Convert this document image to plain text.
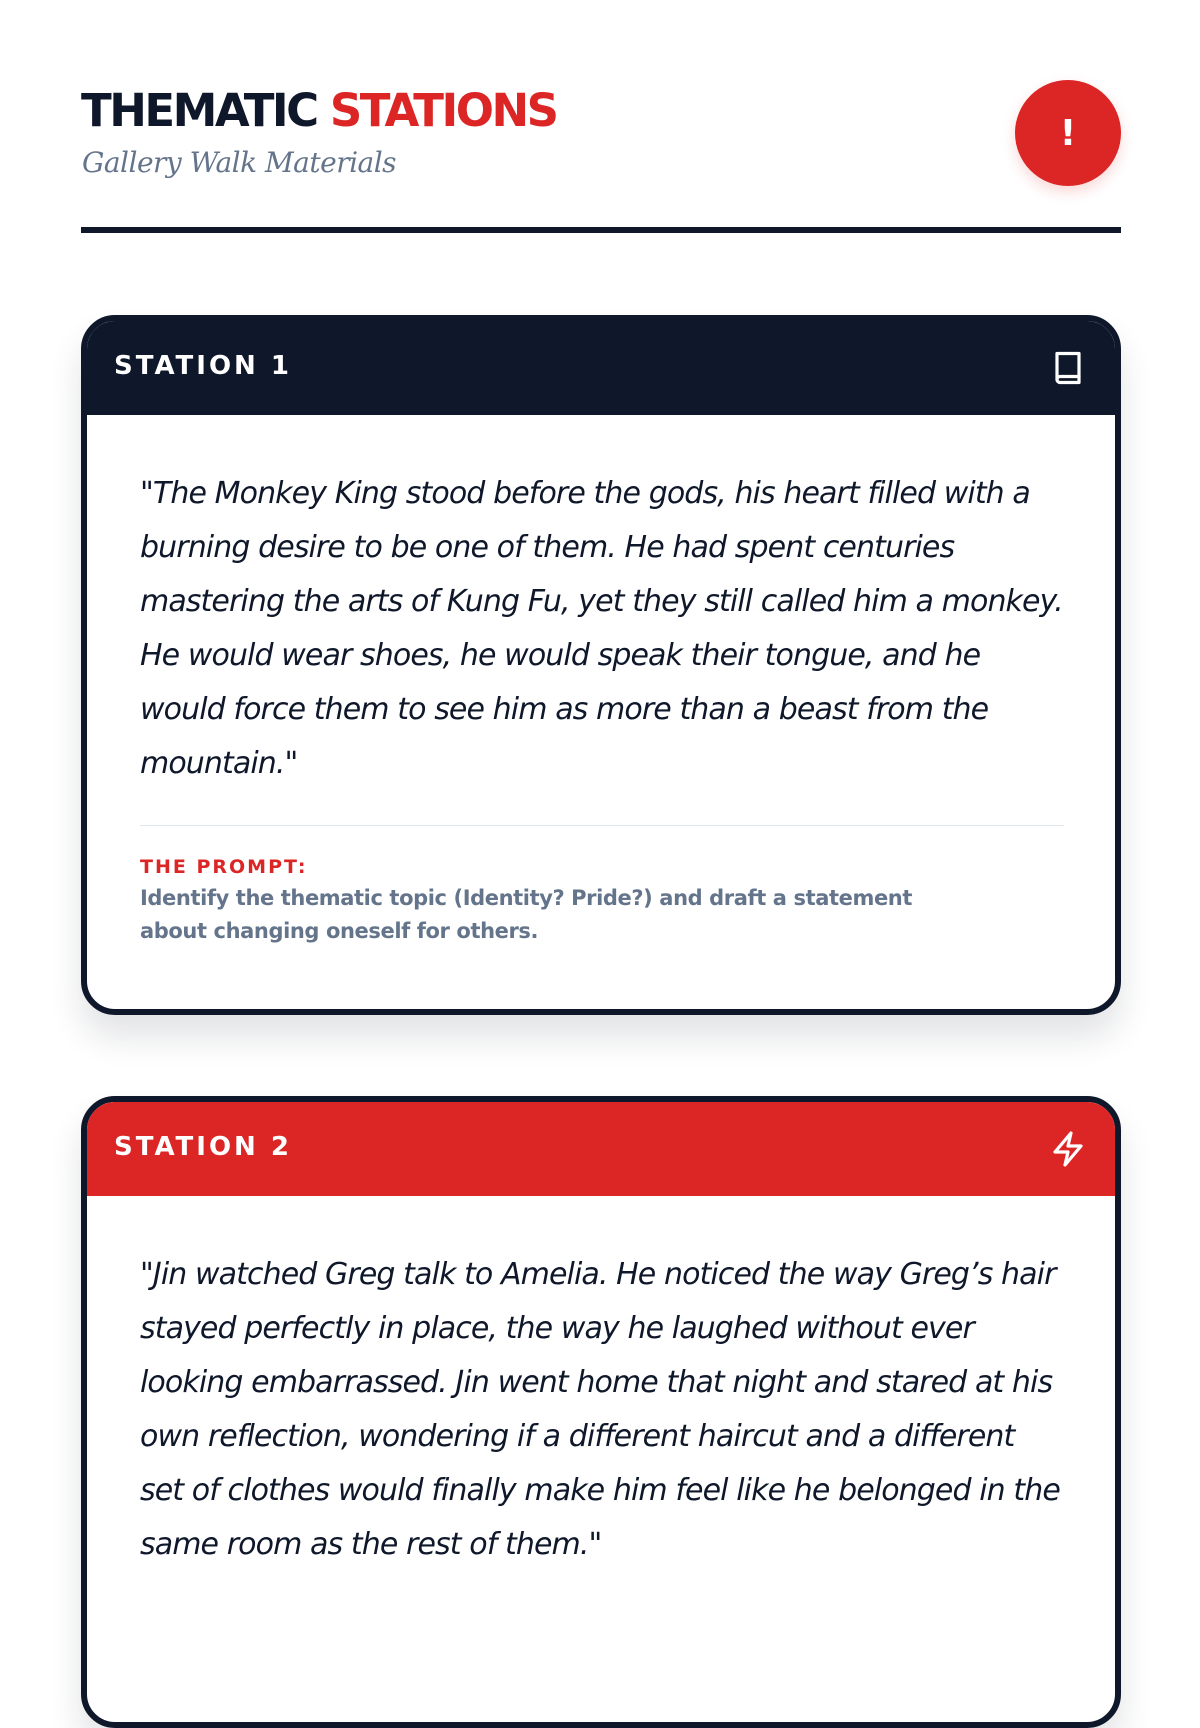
THEMATIC STATIONS
Gallery Walk Materials
!
STATION 1

"The Monkey King stood before the gods, his heart filled with a burning desire to be one of them. He had spent centuries mastering the arts of Kung Fu, yet they still called him a monkey. He would wear shoes, he would speak their tongue, and he would force them to see him as more than a beast from the mountain."

THE PROMPT:

Identify the thematic topic (Identity? Pride?) and draft a statement about changing oneself for others.

STATION 2

"Jin watched Greg talk to Amelia. He noticed the way Greg’s hair stayed perfectly in place, the way he laughed without ever looking embarrassed. Jin went home that night and stared at his own reflection, wondering if a different haircut and a different set of clothes would finally make him feel like he belonged in the same room as the rest of them."
